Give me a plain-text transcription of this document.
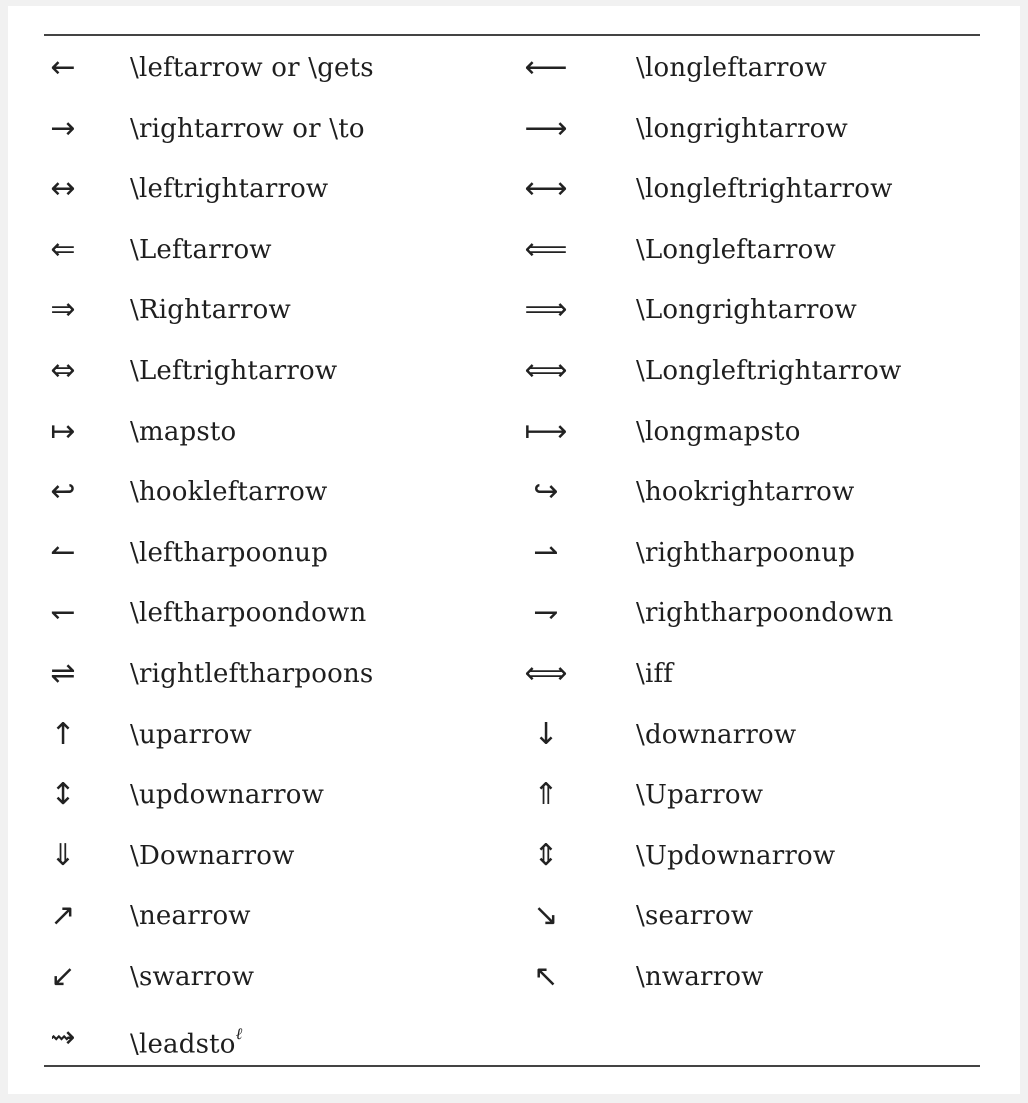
←	\leftarrow or \gets	⟵	\longleftarrow
→	\rightarrow or \to	⟶	\longrightarrow
↔	\leftrightarrow	⟷	\longleftrightarrow
⇐	\Leftarrow	⟸	\Longleftarrow
⇒	\Rightarrow	⟹	\Longrightarrow
⇔	\Leftrightarrow	⟺	\Longleftrightarrow
↦	\mapsto	⟼	\longmapsto
↩	\hookleftarrow	↪	\hookrightarrow
↼	\leftharpoonup	⇀	\rightharpoonup
↽	\leftharpoondown	⇁	\rightharpoondown
⇌	\rightleftharpoons	⟺	\iff
↑	\uparrow	↓	\downarrow
↕	\updownarrow	⇑	\Uparrow
⇓	\Downarrow	⇕	\Updownarrow
↗	\nearrow	↘	\searrow
↙	\swarrow	↖	\nwarrow
⇝	\leadsto$^\ell$
